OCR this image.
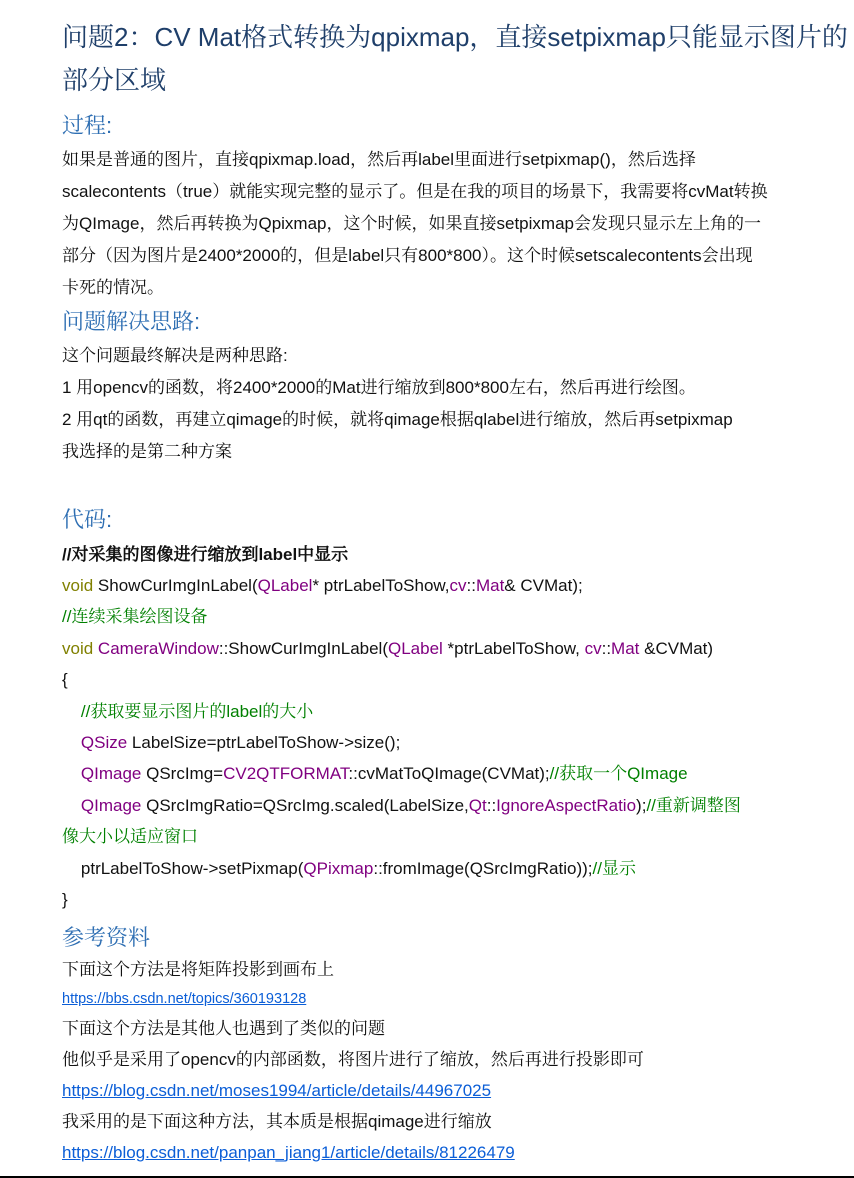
问题2：CV Mat格式转换为qpixmap，直接setpixmap只能显示图片的
部分区域
过程:
如果是普通的图片，直接qpixmap.load，然后再label里面进行setpixmap()，然后选择
scalecontents（true）就能实现完整的显示了。但是在我的项目的场景下，我需要将cvMat转换
为QImage，然后再转换为Qpixmap，这个时候，如果直接setpixmap会发现只显示左上角的一
部分（因为图片是2400*2000的，但是label只有800*800）。这个时候setscalecontents会出现
卡死的情况。
问题解决思路:
这个问题最终解决是两种思路:
1 用opencv的函数，将2400*2000的Mat进行缩放到800*800左右，然后再进行绘图。
2 用qt的函数，再建立qimage的时候，就将qimage根据qlabel进行缩放，然后再setpixmap
我选择的是第二种方案
代码:
//对采集的图像进行缩放到label中显示
void ShowCurImgInLabel(QLabel* ptrLabelToShow,cv::Mat& CVMat);
//连续采集绘图设备
void CameraWindow::ShowCurImgInLabel(QLabel *ptrLabelToShow, cv::Mat &CVMat)
{
//获取要显示图片的label的大小
QSize LabelSize=ptrLabelToShow->size();
QImage QSrcImg=CV2QTFORMAT::cvMatToQImage(CVMat);//获取一个QImage
QImage QSrcImgRatio=QSrcImg.scaled(LabelSize,Qt::IgnoreAspectRatio);//重新调整图
像大小以适应窗口
ptrLabelToShow->setPixmap(QPixmap::fromImage(QSrcImgRatio));//显示
}
参考资料
下面这个方法是将矩阵投影到画布上
https://bbs.csdn.net/topics/360193128
下面这个方法是其他人也遇到了类似的问题
他似乎是采用了opencv的内部函数，将图片进行了缩放，然后再进行投影即可
https://blog.csdn.net/moses1994/article/details/44967025
我采用的是下面这种方法，其本质是根据qimage进行缩放
https://blog.csdn.net/panpan_jiang1/article/details/81226479
